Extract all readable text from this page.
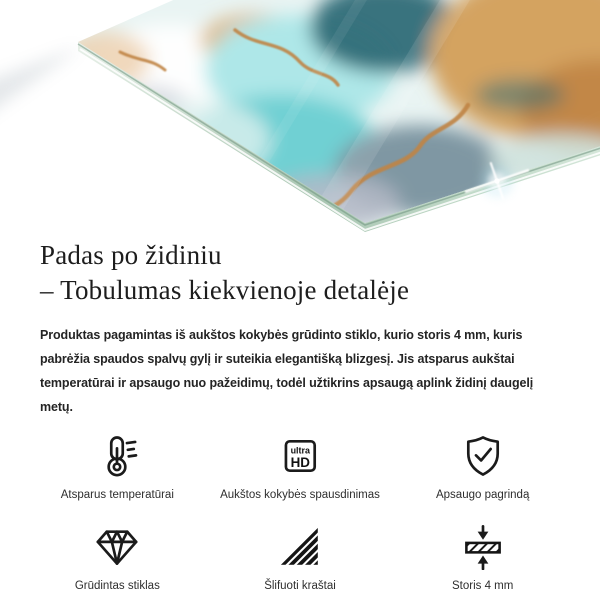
Padas po židiniu
– Tobulumas kiekvienoje detalėje

Produktas pagamintas iš aukštos kokybės grūdinto stiklo, kurio storis 4 mm, kuris pabrėžia spaudos spalvų gylį ir suteikia elegantišką blizgesį. Jis atsparus aukštai temperatūrai ir apsaugo nuo pažeidimų, todėl užtikrins apsaugą aplink židinį daugelį metų.

Atsparus temperatūrai
ultra
HD
Aukštos kokybės spausdinimas	Apsaugo pagrindą
Grūdintas stiklas	Šlifuoti kraštai	Storis 4 mm
